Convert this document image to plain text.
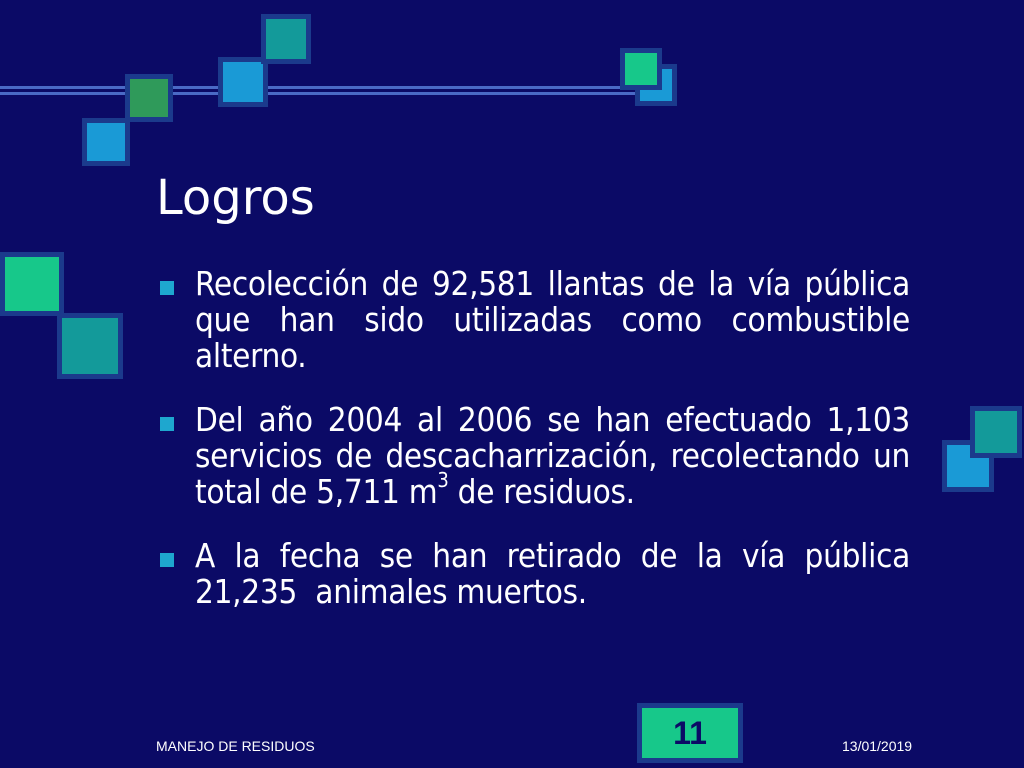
Logros
Recolección de 92,581 llantas de la vía pública que han sido utilizadas como combustible alterno.
Del año 2004 al 2006 se han efectuado 1,103 servicios de descacharrización, recolectando un total de 5,711 $m^3$ de residuos.
A la fecha se han retirado de la vía pública  21,235  animales muertos.
MANEJO DE RESIDUOS	11	13/01/2019
